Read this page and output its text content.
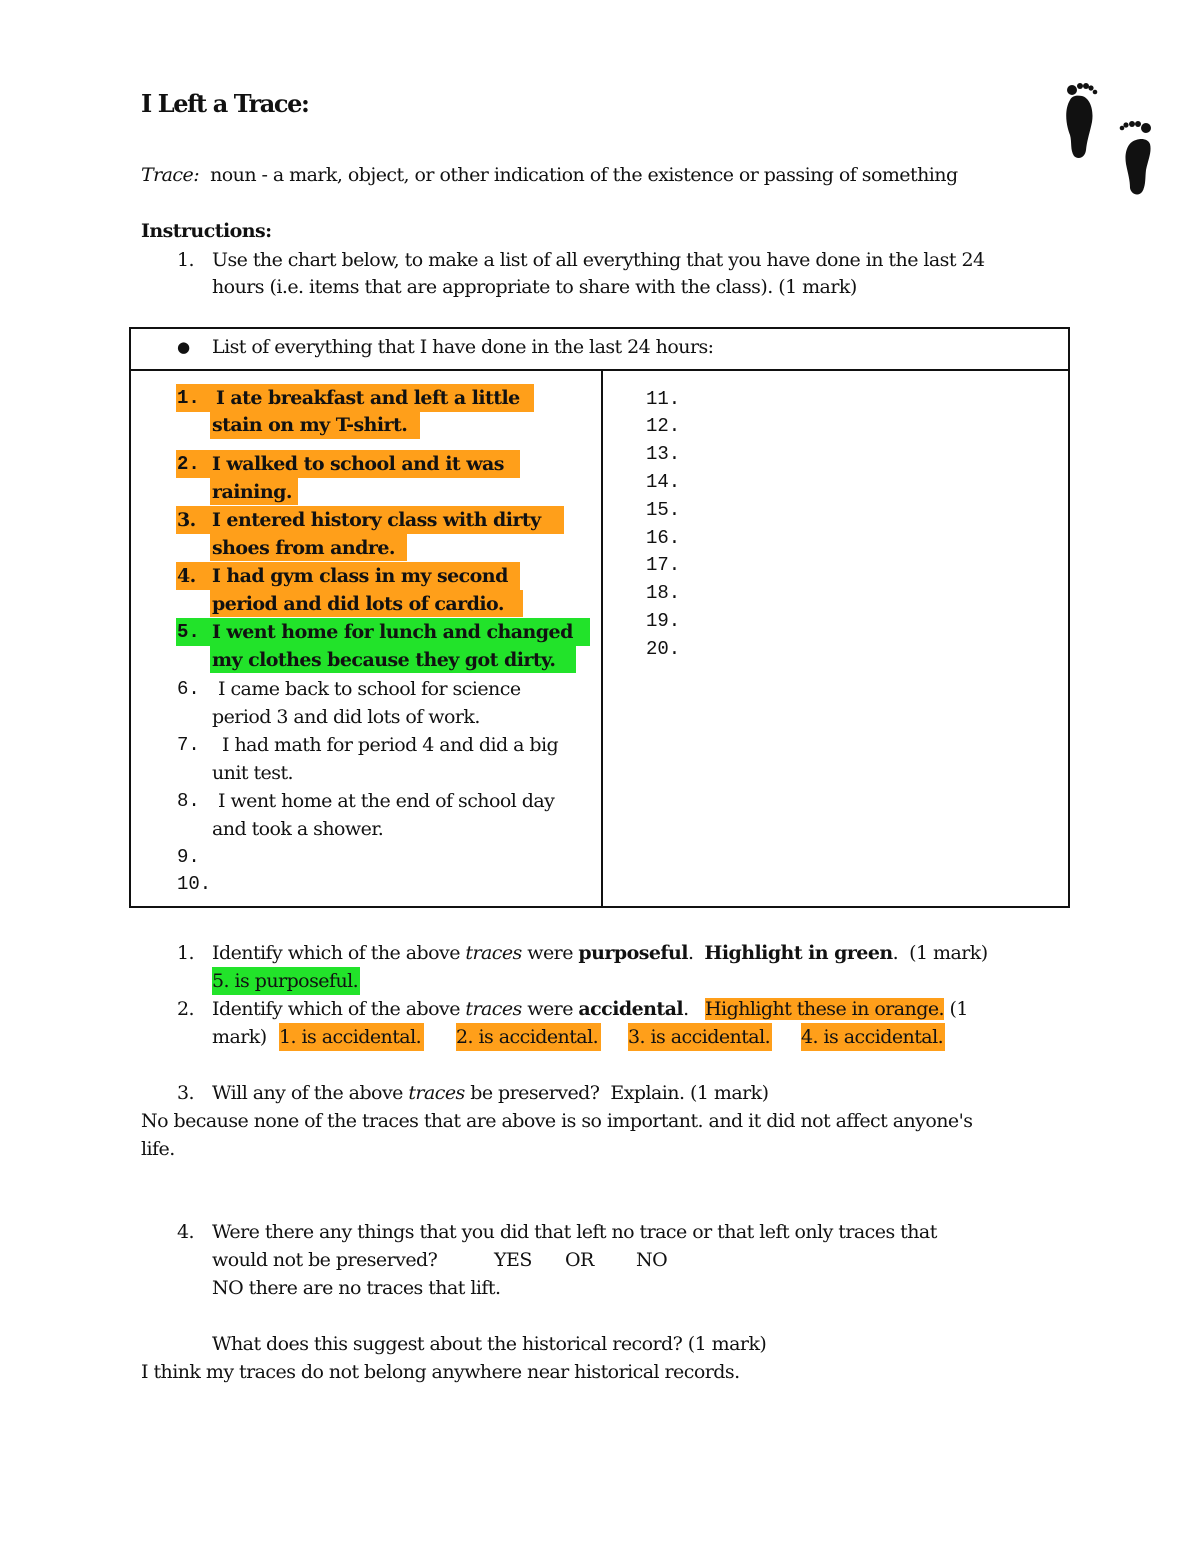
I Left a Trace:
Trace: noun - a mark, object, or other indication of the existence or passing of something
Instructions:
1. Use the chart below, to make a list of all everything that you have done in the last 24
hours (i.e. items that are appropriate to share with the class). (1 mark)
● List of everything that I have done in the last 24 hours:
1. I ate breakfast and left a little
stain on my T-shirt.
2. I walked to school and it was
raining.
3. I entered history class with dirty
shoes from andre.
4. I had gym class in my second
period and did lots of cardio.
5. I went home for lunch and changed
my clothes because they got dirty.
6. I came back to school for science
period 3 and did lots of work.
7. I had math for period 4 and did a big
unit test.
8. I went home at the end of school day
and took a shower.
9.
10.
11.
12.
13.
14.
15.
16.
17.
18.
19.
20.
1. Identify which of the above traces were purposeful.  Highlight in green.  (1 mark)
5. is purposeful.
2. Identify which of the above traces were accidental.   Highlight these in orange. (1
mark) 1. is accidental. 2. is accidental. 3. is accidental. 4. is accidental.
3. Will any of the above traces be preserved?  Explain. (1 mark)
No because none of the traces that are above is so important. and it did not affect anyone's
life.
4. Were there any things that you did that left no trace or that left only traces that
would not be preserved?	YES OR NO
NO there are no traces that lift.
What does this suggest about the historical record? (1 mark)
I think my traces do not belong anywhere near historical records.
